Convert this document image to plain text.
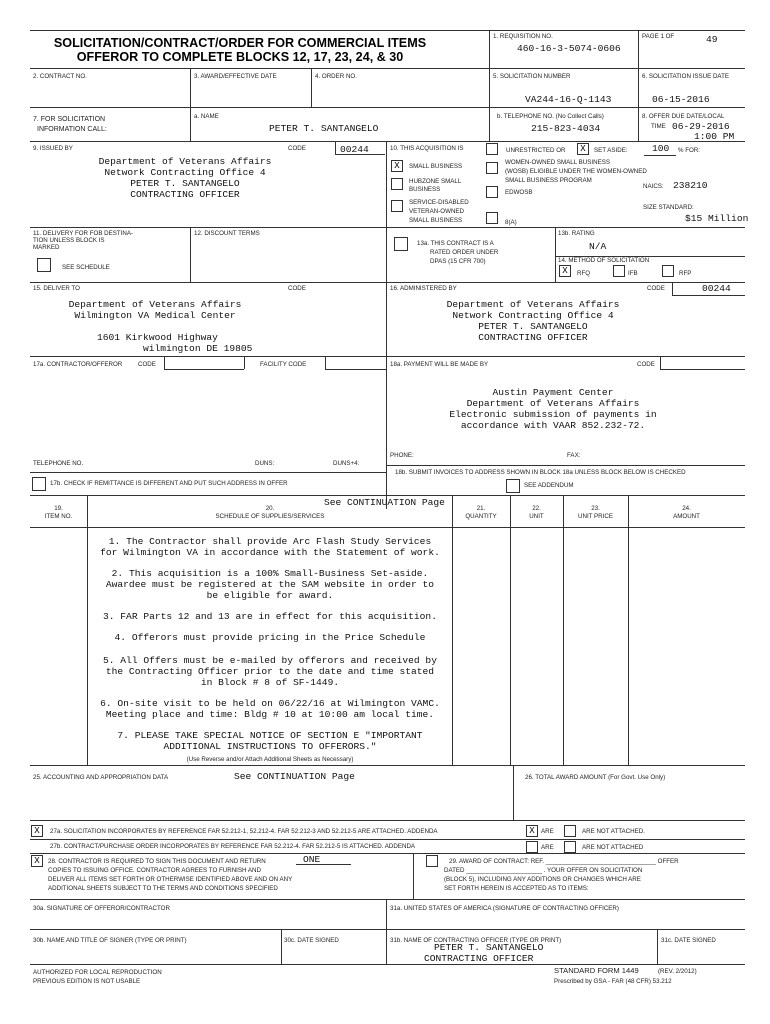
SOLICITATION/CONTRACT/ORDER FOR COMMERCIAL ITEMS
OFFEROR TO COMPLETE BLOCKS 12, 17, 23, 24, & 30
1. REQUISITION NO.
460-16-3-5074-0606
PAGE 1 OF	49
2. CONTRACT NO.	3. AWARD/EFFECTIVE DATE	4. ORDER NO.	5. SOLICITATION NUMBER
VA244-16-Q-1143
6. SOLICITATION ISSUE DATE
06-15-2016
7. FOR SOLICITATION
INFORMATION CALL:
a. NAME
PETER T. SANTANGELO
b. TELEPHONE NO. (No Collect Calls)
215-823-4034
8. OFFER DUE DATE/LOCAL
TIME 06-29-2016
1:00 PM
9. ISSUED BY	CODE	00244
Department of Veterans Affairs
Network Contracting Office 4
PETER T. SANTANGELO
CONTRACTING OFFICER
10. THIS ACQUISITION IS	UNRESTRICTED OR	X	SET ASIDE:	100 % FOR:
X	SMALL BUSINESS
HUBZONE SMALL
BUSINESS
SERVICE-DISABLED
VETERAN-OWNED
SMALL BUSINESS
WOMEN-OWNED SMALL BUSINESS
(WOSB) ELIGIBLE UNDER THE WOMEN-OWNED
SMALL BUSINESS PROGRAM
EDWOSB
8(A)
NAICS: 238210
SIZE STANDARD:
$15 Million
11. DELIVERY FOR FOB DESTINA-
TION UNLESS BLOCK IS
MARKED
SEE SCHEDULE
12. DISCOUNT TERMS
13a. THIS CONTRACT IS A
RATED ORDER UNDER
DPAS (15 CFR 700)
13b. RATING
N/A
14. METHOD OF SOLICITATION
X	RFQ	IFB	RFP
15. DELIVER TO	CODE
Department of Veterans Affairs
Wilmington VA Medical Center
1601 Kirkwood Highway
wilmington DE 19805
16. ADMINISTERED BY	CODE	00244
Department of Veterans Affairs
Network Contracting Office 4
PETER T. SANTANGELO
CONTRACTING OFFICER
17a. CONTRACTOR/OFFEROR	CODE	FACILITY CODE	18a. PAYMENT WILL BE MADE BY	CODE
Austin Payment Center
Department of Veterans Affairs
Electronic submission of payments in
accordance with VAAR 852.232-72.
TELEPHONE NO.	DUNS:	DUNS+4:
PHONE:	FAX:
17b. CHECK IF REMITTANCE IS DIFFERENT AND PUT SUCH ADDRESS IN OFFER
18b. SUBMIT INVOICES TO ADDRESS SHOWN IN BLOCK 18a UNLESS BLOCK BELOW IS CHECKED
SEE ADDENDUM
19.
ITEM NO.
20.
SCHEDULE OF SUPPLIES/SERVICES
See CONTINUATION Page
21.
QUANTITY
22.
UNIT
23.
UNIT PRICE
24.
AMOUNT
1. The Contractor shall provide Arc Flash Study Services
for Wilmington VA in accordance with the Statement of work.
2. This acquisition is a 100% Small-Business Set-aside.
Awardee must be registered at the SAM website in order to
be eligible for award.
3. FAR Parts 12 and 13 are in effect for this acquisition.
4. Offerors must provide pricing in the Price Schedule
5. All Offers must be e-mailed by offerors and received by
the Contracting Officer prior to the date and time stated
in Block # 8 of SF-1449.
6. On-site visit to be held on 06/22/16 at Wilmington VAMC.
Meeting place and time: Bldg # 10 at 10:00 am local time.
7. PLEASE TAKE SPECIAL NOTICE OF SECTION E "IMPORTANT
ADDITIONAL INSTRUCTIONS TO OFFERORS."
(Use Reverse and/or Attach Additional Sheets as Necessary)
25. ACCOUNTING AND APPROPRIATION DATA	See CONTINUATION Page	26. TOTAL AWARD AMOUNT (For Govt. Use Only)
X	27a. SOLICITATION INCORPORATES BY REFERENCE FAR 52.212-1, 52.212-4. FAR 52.212-3 AND 52.212-5 ARE ATTACHED. ADDENDA	X	ARE	ARE NOT ATTACHED.
27b. CONTRACT/PURCHASE ORDER INCORPORATES BY REFERENCE FAR 52.212-4. FAR 52.212-5 IS ATTACHED. ADDENDA	ARE	ARE NOT ATTACHED
X	28. CONTRACTOR IS REQUIRED TO SIGN THIS DOCUMENT AND RETURN	ONE
COPIES TO ISSUING OFFICE. CONTRACTOR AGREES TO FURNISH AND
DELIVER ALL ITEMS SET FORTH OR OTHERWISE IDENTIFIED ABOVE AND ON ANY
ADDITIONAL SHEETS SUBJECT TO THE TERMS AND CONDITIONS SPECIFIED
29. AWARD OF CONTRACT: REF. ________________________________ OFFER
DATED ______________________ . YOUR OFFER ON SOLICITATION
(BLOCK 5), INCLUDING ANY ADDITIONS OR CHANGES WHICH ARE
SET FORTH HEREIN IS ACCEPTED AS TO ITEMS:
30a. SIGNATURE OF OFFEROR/CONTRACTOR	31a. UNITED STATES OF AMERICA (SIGNATURE OF CONTRACTING OFFICER)
30b. NAME AND TITLE OF SIGNER (TYPE OR PRINT)	30c. DATE SIGNED	31b. NAME OF CONTRACTING OFFICER (TYPE OR PRINT)
PETER T. SANTANGELO
CONTRACTING OFFICER
31c. DATE SIGNED
AUTHORIZED FOR LOCAL REPRODUCTION
PREVIOUS EDITION IS NOT USABLE
STANDARD FORM 1449	(REV. 2/2012)
Prescribed by GSA - FAR (48 CFR) 53.212
